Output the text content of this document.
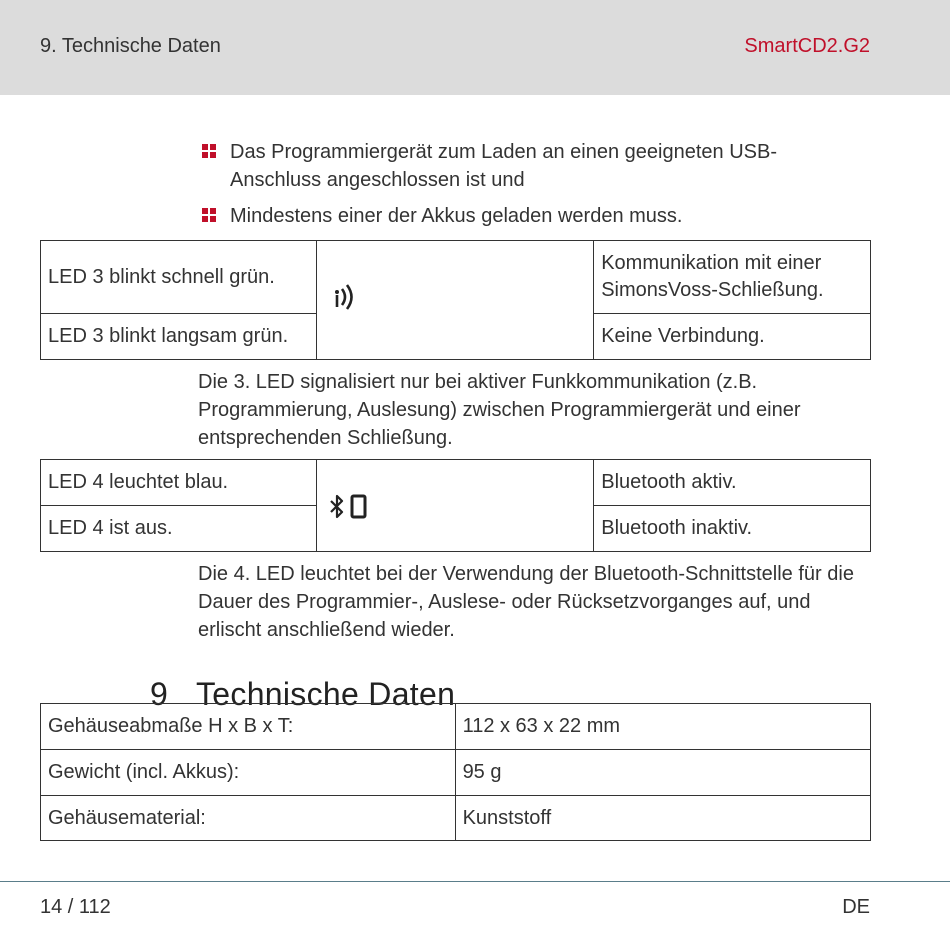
9. Technische Daten	SmartCD2.G2
Das Programmiergerät zum Laden an einen geeigneten USB-Anschluss angeschlossen ist und
Mindestens einer der Akkus geladen werden muss.
LED 3 blinkt schnell grün.		Kommunikation mit einer SimonsVoss-Schließung.
LED 3 blinkt langsam grün.		Keine Verbindung.
Die 3. LED signalisiert nur bei aktiver Funkkommunikation (z.B. Programmierung, Auslesung) zwischen Programmiergerät und einer entsprechenden Schließung.
LED 4 leuchtet blau.		Bluetooth aktiv.
LED 4 ist aus.		Bluetooth inaktiv.
Die 4. LED leuchtet bei der Verwendung der Bluetooth-Schnittstelle für die Dauer des Programmier-, Auslese- oder Rücksetzvorganges auf, und erlischt anschließend wieder.
9 Technische Daten
Gehäuseabmaße H x B x T:	112 x 63 x 22 mm
Gewicht (incl. Akkus):	95 g
Gehäusematerial:	Kunststoff
14 / 112	DE
